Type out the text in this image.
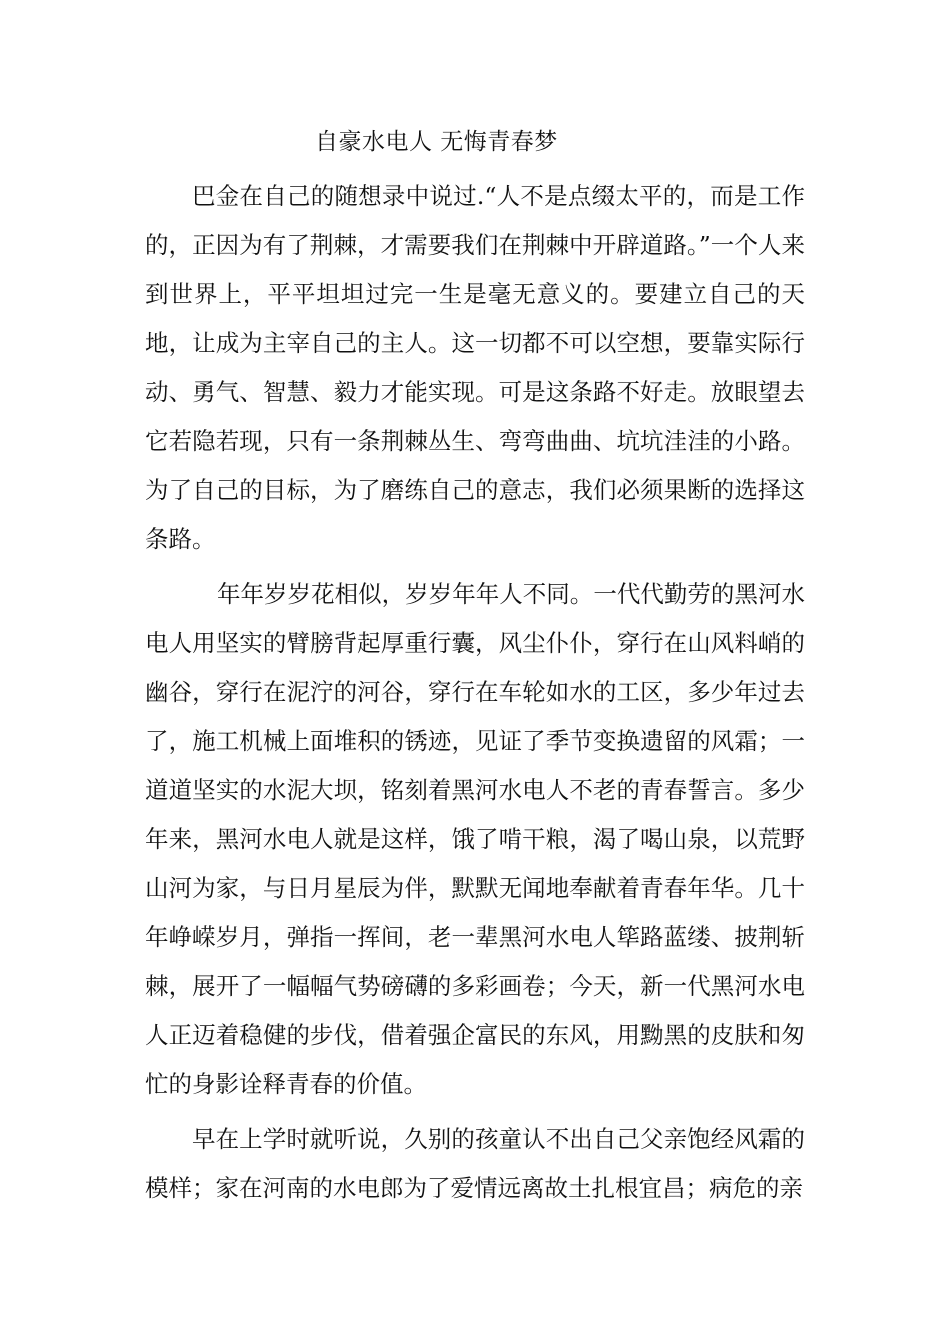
自豪水电人 无悔青春梦

巴金在自己的随想录中说过.“人不是点缀太平的，而是工作的，正因为有了荆棘，才需要我们在荆棘中开辟道路。”一个人来到世界上，平平坦坦过完一生是毫无意义的。要建立自己的天地，让成为主宰自己的主人。这一切都不可以空想，要靠实际行动、勇气、智慧、毅力才能实现。可是这条路不好走。放眼望去它若隐若现，只有一条荆棘丛生、弯弯曲曲、坑坑洼洼的小路。为了自己的目标，为了磨练自己的意志，我们必须果断的选择这条路。

年年岁岁花相似，岁岁年年人不同。一代代勤劳的黑河水电人用坚实的臂膀背起厚重行囊，风尘仆仆，穿行在山风料峭的幽谷，穿行在泥泞的河谷，穿行在车轮如水的工区，多少年过去了，施工机械上面堆积的锈迹，见证了季节变换遗留的风霜；一道道坚实的水泥大坝，铭刻着黑河水电人不老的青春誓言。多少年来，黑河水电人就是这样，饿了啃干粮，渴了喝山泉，以荒野山河为家，与日月星辰为伴，默默无闻地奉献着青春年华。几十年峥嵘岁月，弹指一挥间，老一辈黑河水电人筚路蓝缕、披荆斩棘，展开了一幅幅气势磅礴的多彩画卷；今天，新一代黑河水电人正迈着稳健的步伐，借着强企富民的东风，用黝黑的皮肤和匆忙的身影诠释青春的价值。

早在上学时就听说，久别的孩童认不出自己父亲饱经风霜的模样；家在河南的水电郎为了爱情远离故土扎根宜昌；病危的亲
